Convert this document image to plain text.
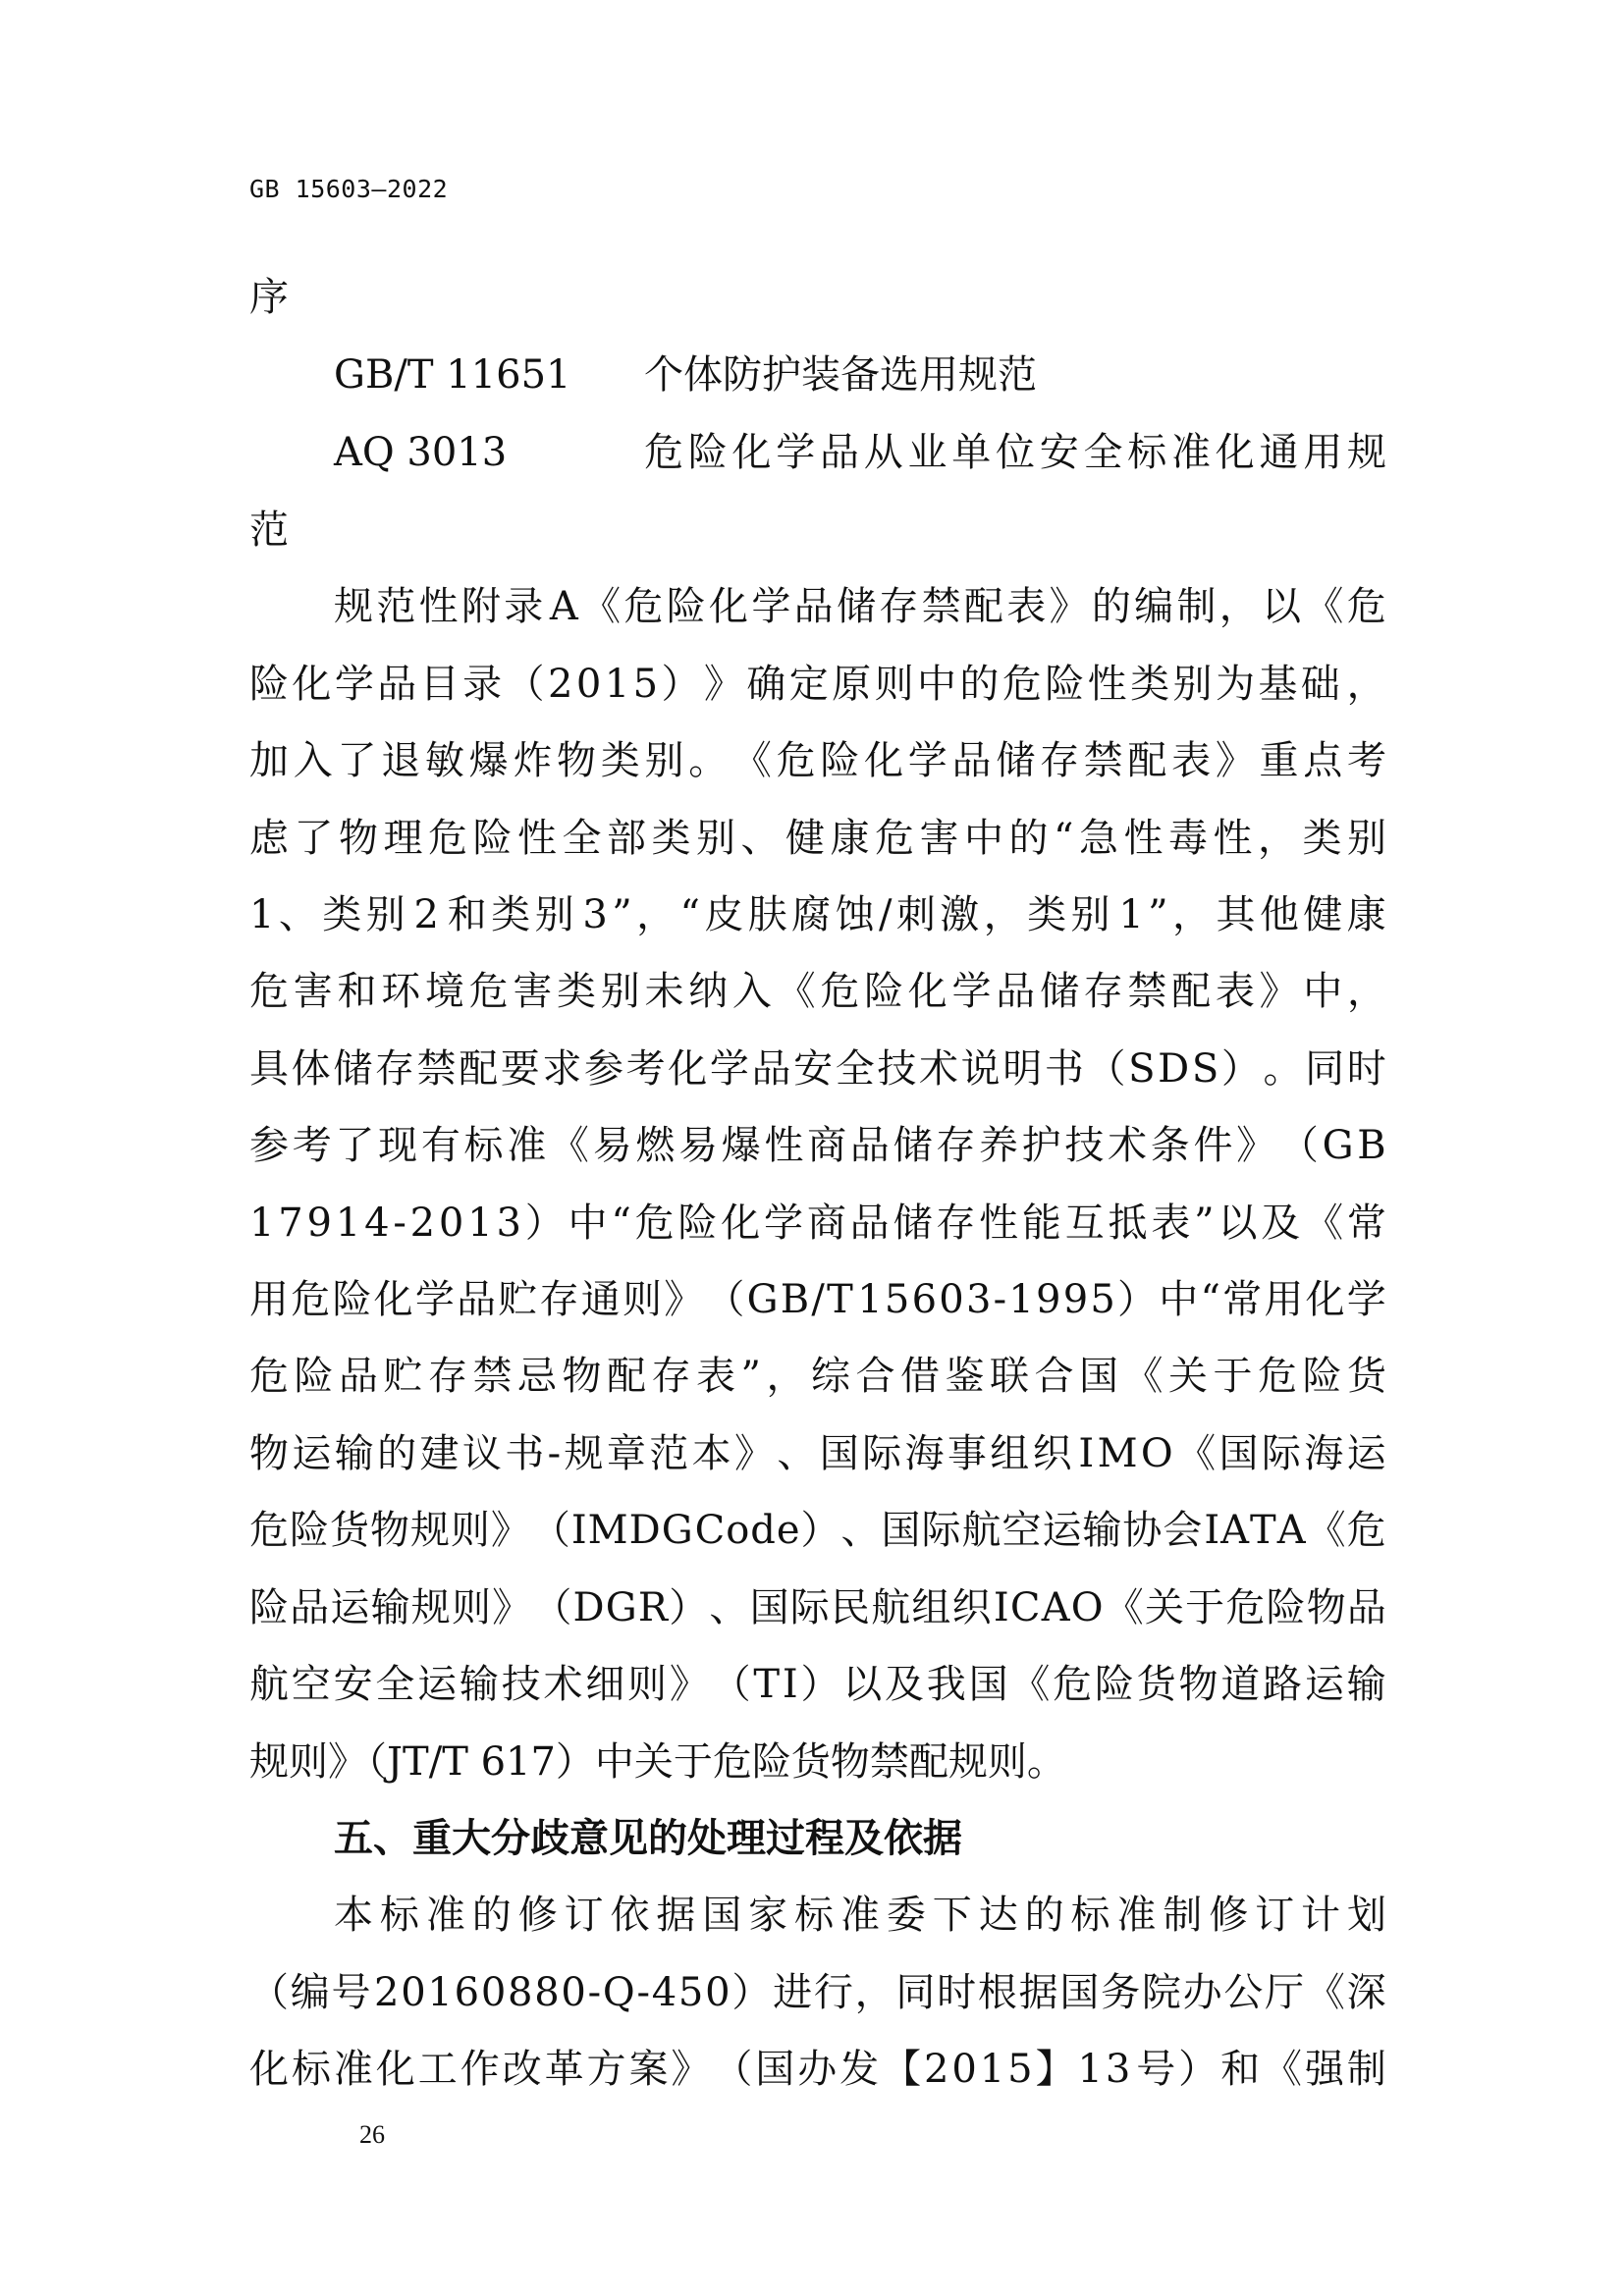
GB 15603—2022
序
GB/T 11651 个体防护装备选用规范
AQ 3013	危 险 化 学 品 从 业 单 位 安 全 标 准 化 通 用 规
范
规 范 性 附 录 A 《 危 险 化 学 品 储 存 禁 配 表 》 的 编 制 ， 以 《 危
险 化 学 品 目 录 （ 2 0 1 5 ） 》 确 定 原 则 中 的 危 险 性 类 别 为 基 础 ，
加 入 了 退 敏 爆 炸 物 类 别 。 《 危 险 化 学 品 储 存 禁 配 表 》 重 点 考
虑 了 物 理 危 险 性 全 部 类 别 、 健 康 危 害 中 的 “ 急 性 毒 性 ， 类 别
1 、 类 别 2 和 类 别 3 ” ， “ 皮 肤 腐 蚀 / 刺 激 ， 类 别 1 ” ， 其 他 健 康
危 害 和 环 境 危 害 类 别 未 纳 入 《 危 险 化 学 品 储 存 禁 配 表 》 中 ，
具 体 储 存 禁 配 要 求 参 考 化 学 品 安 全 技 术 说 明 书 （ S D S ） 。 同 时
参 考 了 现 有 标 准 《 易 燃 易 爆 性 商 品 储 存 养 护 技 术 条 件 》 （ G B
1 7 9 1 4 - 2 0 1 3 ） 中 “ 危 险 化 学 商 品 储 存 性 能 互 抵 表 ” 以 及 《 常
用 危 险 化 学 品 贮 存 通 则 》 （ G B / T 1 5 6 0 3 - 1 9 9 5 ） 中 “ 常 用 化 学
危 险 品 贮 存 禁 忌 物 配 存 表 ” ， 综 合 借 鉴 联 合 国 《 关 于 危 险 货
物 运 输 的 建 议 书 - 规 章 范 本 》 、 国 际 海 事 组 织 I M O 《 国 际 海 运
危 险 货 物 规 则 》 （ I M D G C o d e ） 、 国 际 航 空 运 输 协 会 I A T A 《 危
险 品 运 输 规 则 》 （ D G R ） 、 国 际 民 航 组 织 I C A O 《 关 于 危 险 物 品
航 空 安 全 运 输 技 术 细 则 》 （ T I ） 以 及 我 国 《 危 险 货 物 道 路 运 输
规则》（JT/T 617）中关于危险货物禁配规则。
五、重大分歧意见的处理过程及依据
本 标 准 的 修 订 依 据 国 家 标 准 委 下 达 的 标 准 制 修 订 计 划
（ 编 号 2 0 1 6 0 8 8 0 - Q - 4 5 0 ） 进 行 ， 同 时 根 据 国 务 院 办 公 厅 《 深
化 标 准 化 工 作 改 革 方 案 》 （ 国 办 发 【 2 0 1 5 】 1 3 号 ） 和 《 强 制
26
